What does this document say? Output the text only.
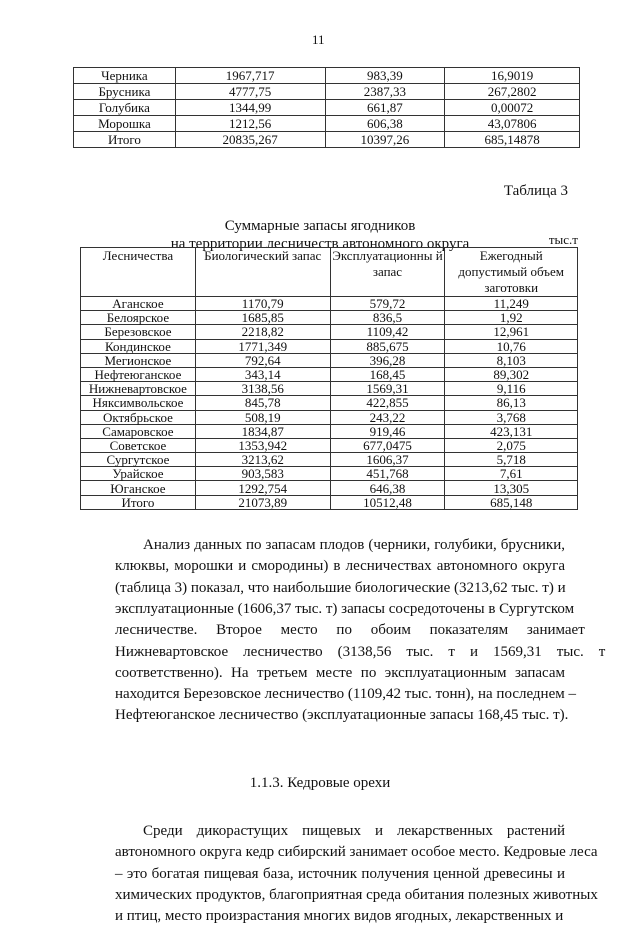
11
Черника	1967,717	983,39	16,9019
Брусника	4777,75	2387,33	267,2802
Голубика	1344,99	661,87	0,00072
Морошка	1212,56	606,38	43,07806
Итого	20835,267	10397,26	685,14878
Таблица 3
Суммарные запасы ягодников
на территории лесничеств автономного округа	тыс.т
Лесничества	Биологический запас	Эксплуатационны й запас	Ежегодный допустимый объем заготовки
Аганское	1170,79	579,72	11,249
Белоярское	1685,85	836,5	1,92
Березовское	2218,82	1109,42	12,961
Кондинское	1771,349	885,675	10,76
Мегионское	792,64	396,28	8,103
Нефтеюганское	343,14	168,45	89,302
Нижневартовское	3138,56	1569,31	9,116
Няксимвольское	845,78	422,855	86,13
Октябрьское	508,19	243,22	3,768
Самаровское	1834,87	919,46	423,131
Советское	1353,942	677,0475	2,075
Сургутское	3213,62	1606,37	5,718
Урайское	903,583	451,768	7,61
Юганское	1292,754	646,38	13,305
Итого	21073,89	10512,48	685,148
Анализ данных по запасам плодов (черники, голубики, брусники,
клюквы, морошки и смородины) в лесничествах автономного округа
(таблица 3) показал, что наибольшие биологические (3213,62 тыс. т) и
эксплуатационные (1606,37 тыс. т) запасы сосредоточены в Сургутском
лесничестве.     Второе     место     по     обоим     показателям     занимает
Нижневартовское    лесничество    (3138,56    тыс.    т    и    1569,31    тыс.    т
соответственно).  На  третьем  месте  по  эксплуатационным  запасам
находится Березовское лесничество (1109,42 тыс. тонн), на последнем –
Нефтеюганское лесничество (эксплуатационные запасы 168,45 тыс. т).
1.1.3. Кедровые орехи
Среди   дикорастущих   пищевых   и   лекарственных   растений
автономного округа кедр сибирский занимает особое место. Кедровые леса
– это богатая пищевая база, источник получения ценной древесины и
химических продуктов, благоприятная среда обитания полезных животных
и птиц, место произрастания многих видов ягодных, лекарственных и
